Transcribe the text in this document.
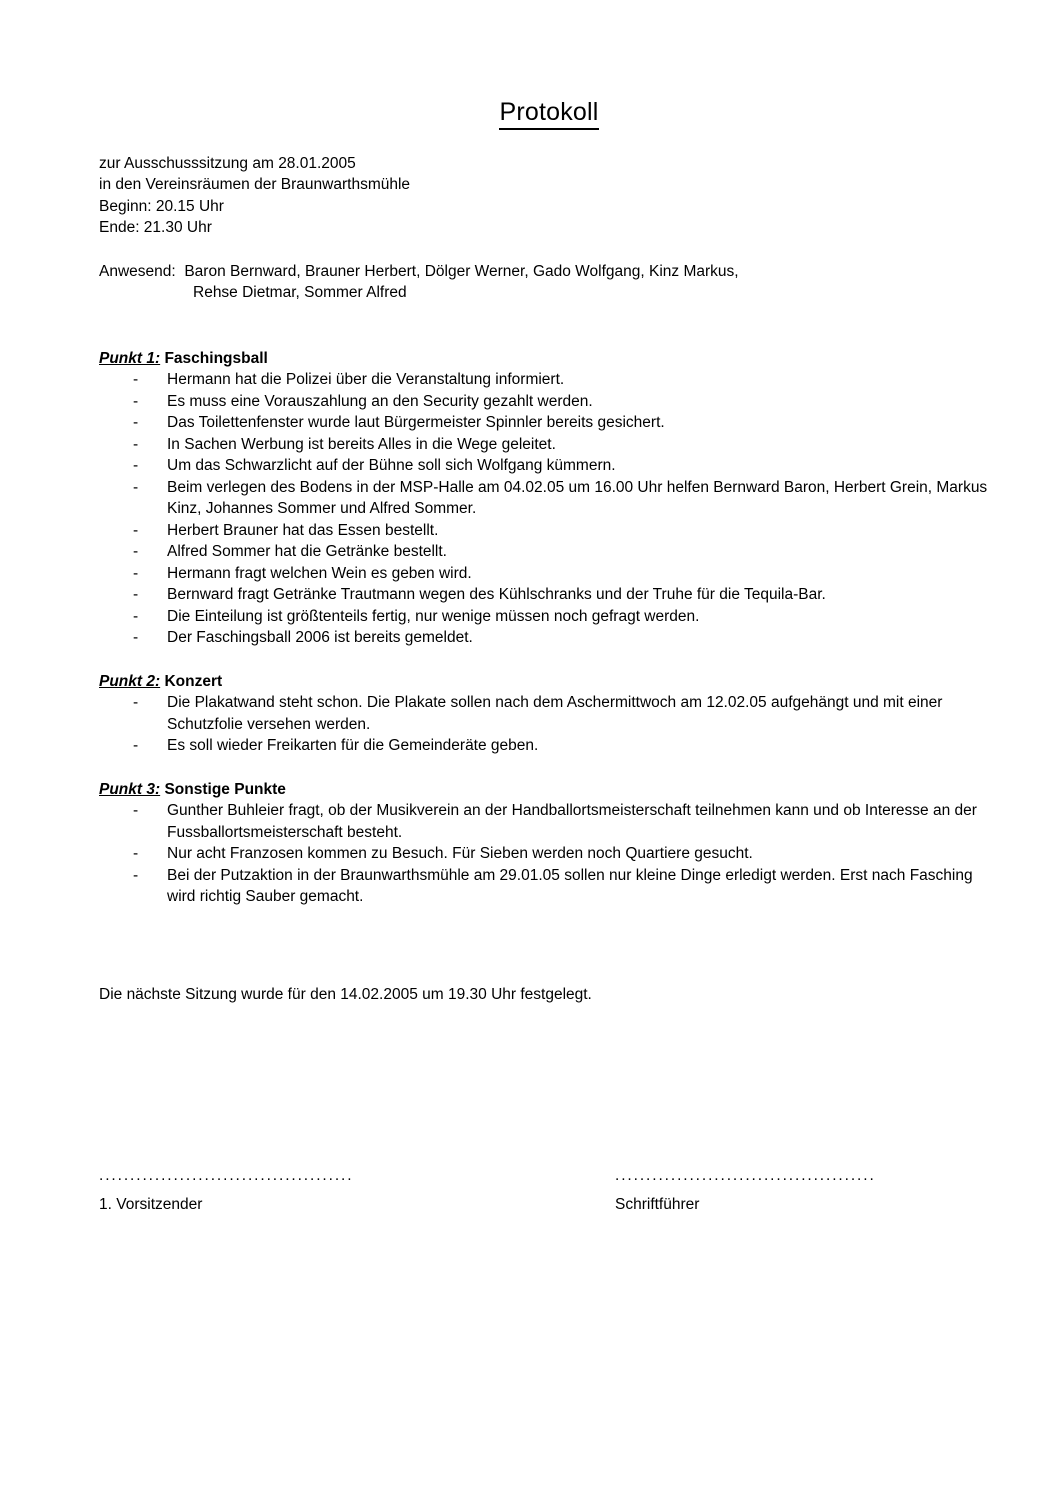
Protokoll
zur Ausschusssitzung am 28.01.2005
in den Vereinsräumen der Braunwarthsmühle
Beginn: 20.15 Uhr
Ende: 21.30 Uhr
Anwesend: Baron Bernward, Brauner Herbert, Dölger Werner, Gado Wolfgang, Kinz Markus,
Rehse Dietmar, Sommer Alfred
Punkt 1: Faschingsball
- Hermann hat die Polizei über die Veranstaltung informiert.
- Es muss eine Vorauszahlung an den Security gezahlt werden.
- Das Toilettenfenster wurde laut Bürgermeister Spinnler bereits gesichert.
- In Sachen Werbung ist bereits Alles in die Wege geleitet.
- Um das Schwarzlicht auf der Bühne soll sich Wolfgang kümmern.
- Beim verlegen des Bodens in der MSP-Halle am 04.02.05 um 16.00 Uhr helfen Bernward Baron, Herbert Grein, Markus Kinz, Johannes Sommer und Alfred Sommer.
- Herbert Brauner hat das Essen bestellt.
- Alfred Sommer hat die Getränke bestellt.
- Hermann fragt welchen Wein es geben wird.
- Bernward fragt Getränke Trautmann wegen des Kühlschranks und der Truhe für die Tequila-Bar.
- Die Einteilung ist größtenteils fertig, nur wenige müssen noch gefragt werden.
- Der Faschingsball 2006 ist bereits gemeldet.
Punkt 2: Konzert
- Die Plakatwand steht schon. Die Plakate sollen nach dem Aschermittwoch am 12.02.05 aufgehängt und mit einer Schutzfolie versehen werden.
- Es soll wieder Freikarten für die Gemeinderäte geben.
Punkt 3: Sonstige Punkte
- Gunther Buhleier fragt, ob der Musikverein an der Handballortsmeisterschaft teilnehmen kann und ob Interesse an der Fussballortsmeisterschaft besteht.
- Nur acht Franzosen kommen zu Besuch. Für Sieben werden noch Quartiere gesucht.
- Bei der Putzaktion in der Braunwarthsmühle am 29.01.05 sollen nur kleine Dinge erledigt werden. Erst nach Fasching wird richtig Sauber gemacht.
Die nächste Sitzung wurde für den 14.02.2005 um 19.30 Uhr festgelegt.
.........................................
1. Vorsitzender
..........................................
Schriftführer
